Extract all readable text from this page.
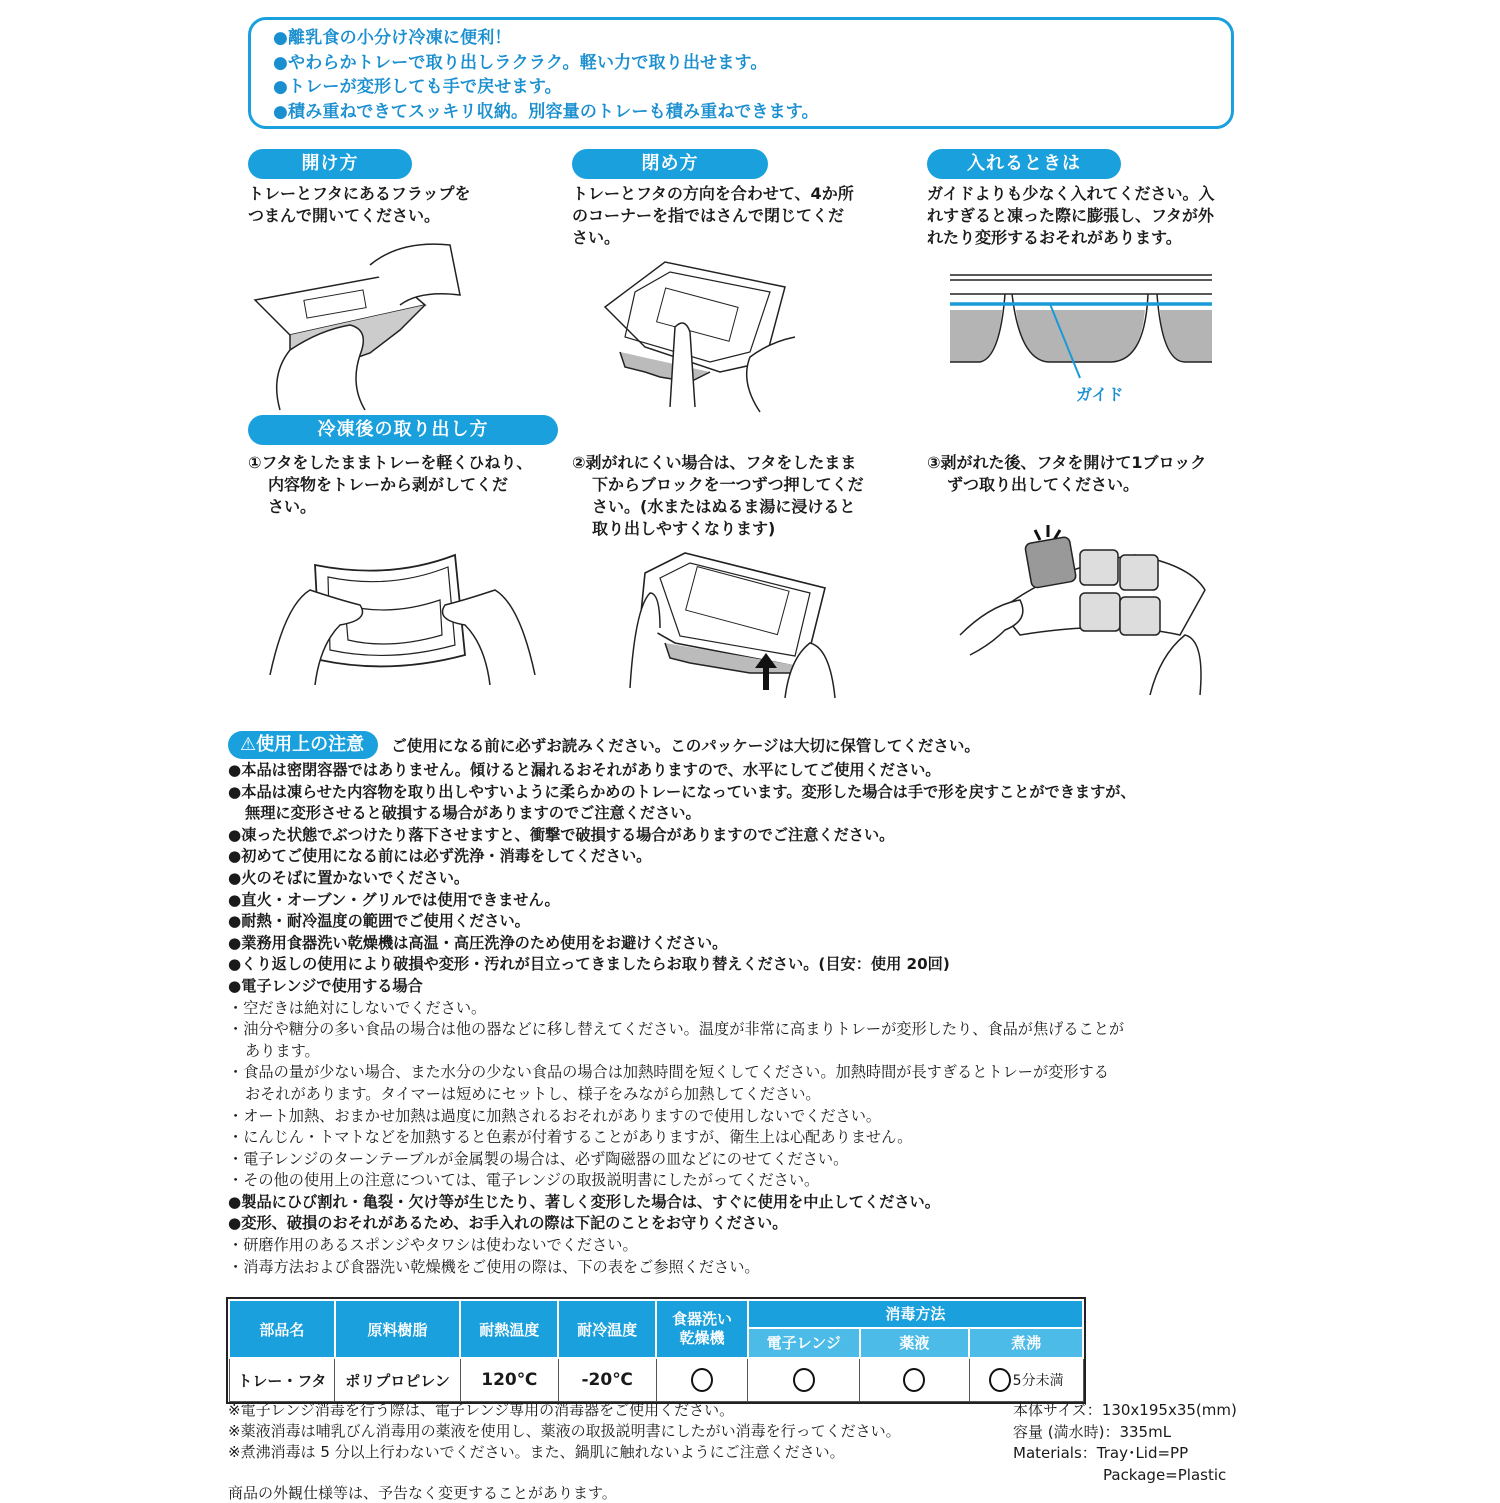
●離乳食の小分け冷凍に便利！
●やわらかトレーで取り出しラクラク。軽い力で取り出せます。
●トレーが変形しても手で戻せます。
●積み重ねできてスッキリ収納。別容量のトレーも積み重ねできます。
開け方	閉め方	入れるときは
トレーとフタにあるフラップを
つまんで開いてください。
トレーとフタの方向を合わせて、4か所
のコーナーを指ではさんで閉じてくだ
さい。
ガイドよりも少なく入れてください。入
れすぎると凍った際に膨張し、フタが外
れたり変形するおそれがあります。
ガイド
冷凍後の取り出し方
①フタをしたままトレーを軽くひねり、
内容物をトレーから剥がしてくだ
さい。
②剥がれにくい場合は、フタをしたまま
下からブロックを一つずつ押してくだ
さい。(水またはぬるま湯に浸けると
取り出しやすくなります)
③剥がれた後、フタを開けて1ブロック
ずつ取り出してください。
⚠使用上の注意 ご使用になる前に必ずお読みください。このパッケージは大切に保管してください。
●本品は密閉容器ではありません。傾けると漏れるおそれがありますので、水平にしてご使用ください。
●本品は凍らせた内容物を取り出しやすいように柔らかめのトレーになっています。変形した場合は手で形を戻すことができますが、
無理に変形させると破損する場合がありますのでご注意ください。
●凍った状態でぶつけたり落下させますと、衝撃で破損する場合がありますのでご注意ください。
●初めてご使用になる前には必ず洗浄・消毒をしてください。
●火のそばに置かないでください。
●直火・オーブン・グリルでは使用できません。
●耐熱・耐冷温度の範囲でご使用ください。
●業務用食器洗い乾燥機は高温・高圧洗浄のため使用をお避けください。
●くり返しの使用により破損や変形・汚れが目立ってきましたらお取り替えください。(目安：使用 20回)
●電子レンジで使用する場合
・空だきは絶対にしないでください。
・油分や糖分の多い食品の場合は他の器などに移し替えてください。温度が非常に高まりトレーが変形したり、食品が焦げることが
あります。
・食品の量が少ない場合、また水分の少ない食品の場合は加熱時間を短くしてください。加熱時間が長すぎるとトレーが変形する
おそれがあります。タイマーは短めにセットし、様子をみながら加熱してください。
・オート加熱、おまかせ加熱は過度に加熱されるおそれがありますので使用しないでください。
・にんじん・トマトなどを加熱すると色素が付着することがありますが、衛生上は心配ありません。
・電子レンジのターンテーブルが金属製の場合は、必ず陶磁器の皿などにのせてください。
・その他の使用上の注意については、電子レンジの取扱説明書にしたがってください。
●製品にひび割れ・亀裂・欠け等が生じたり、著しく変形した場合は、すぐに使用を中止してください。
●変形、破損のおそれがあるため、お手入れの際は下記のことをお守りください。
・研磨作用のあるスポンジやタワシは使わないでください。
・消毒方法および食器洗い乾燥機をご使用の際は、下の表をご参照ください。
部品名	原料樹脂	耐熱温度	耐冷温度	食器洗い
乾燥機	消毒方法		
					電子レンジ	薬液	煮沸
トレー・フタ	ポリプロピレン	120℃	-20℃				5分未満
※電子レンジ消毒を行う際は、電子レンジ専用の消毒器をご使用ください。
※薬液消毒は哺乳びん消毒用の薬液を使用し、薬液の取扱説明書にしたがい消毒を行ってください。
※煮沸消毒は 5 分以上行わないでください。また、鍋肌に触れないようにご注意ください。
本体サイズ：130x195x35(mm)
容量 (満水時)：335mL
Materials：Tray･Lid=PP
Package=Plastic
商品の外観仕様等は、予告なく変更することがあります。
